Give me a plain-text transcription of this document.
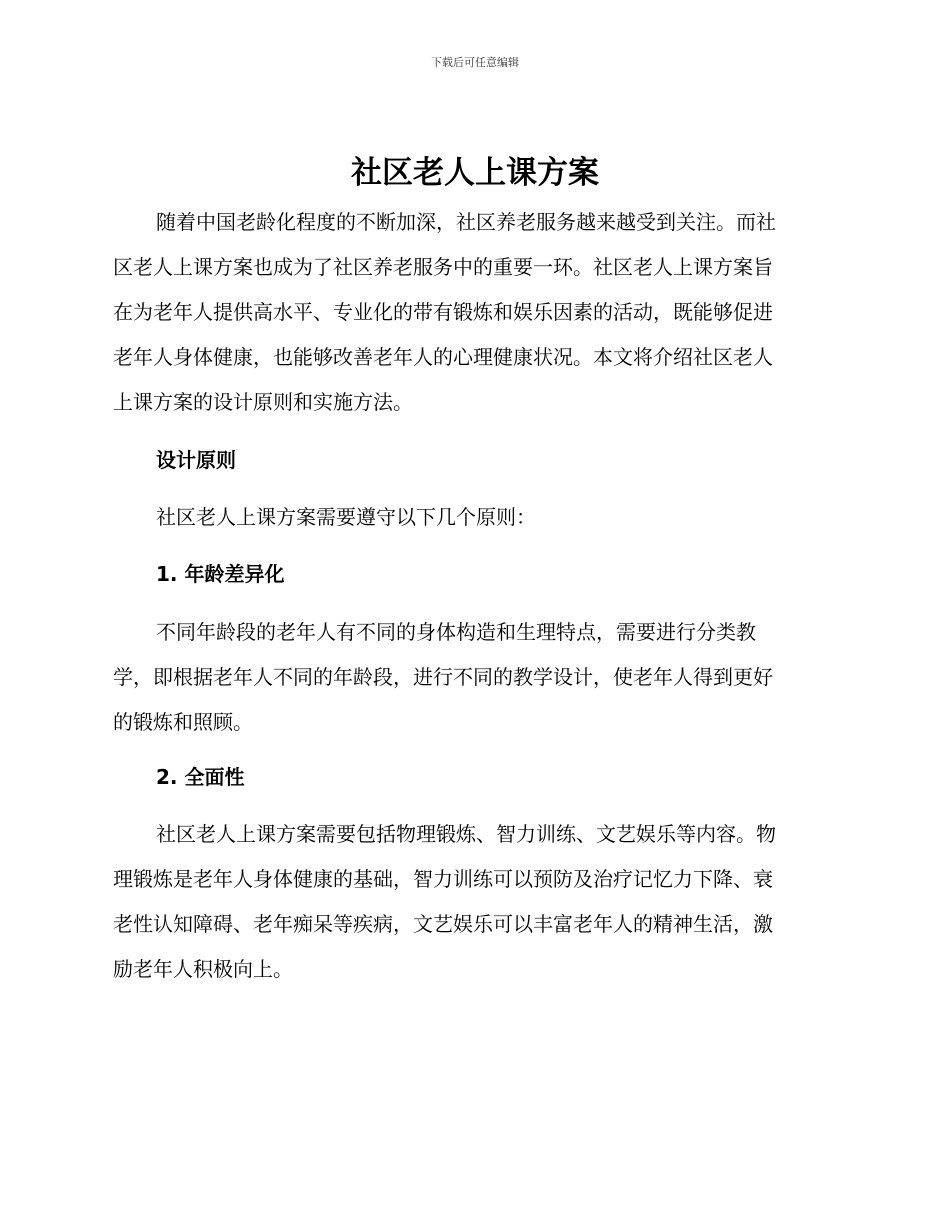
下载后可任意编辑
社区老人上课方案
随着中国老龄化程度的不断加深，社区养老服务越来越受到关注。而社
区老人上课方案也成为了社区养老服务中的重要一环。社区老人上课方案旨
在为老年人提供高水平、专业化的带有锻炼和娱乐因素的活动，既能够促进
老年人身体健康，也能够改善老年人的心理健康状况。本文将介绍社区老人
上课方案的设计原则和实施方法。
设计原则
社区老人上课方案需要遵守以下几个原则：
1. 年龄差异化
不同年龄段的老年人有不同的身体构造和生理特点，需要进行分类教
学，即根据老年人不同的年龄段，进行不同的教学设计，使老年人得到更好
的锻炼和照顾。
2. 全面性
社区老人上课方案需要包括物理锻炼、智力训练、文艺娱乐等内容。物
理锻炼是老年人身体健康的基础，智力训练可以预防及治疗记忆力下降、衰
老性认知障碍、老年痴呆等疾病，文艺娱乐可以丰富老年人的精神生活，激
励老年人积极向上。
